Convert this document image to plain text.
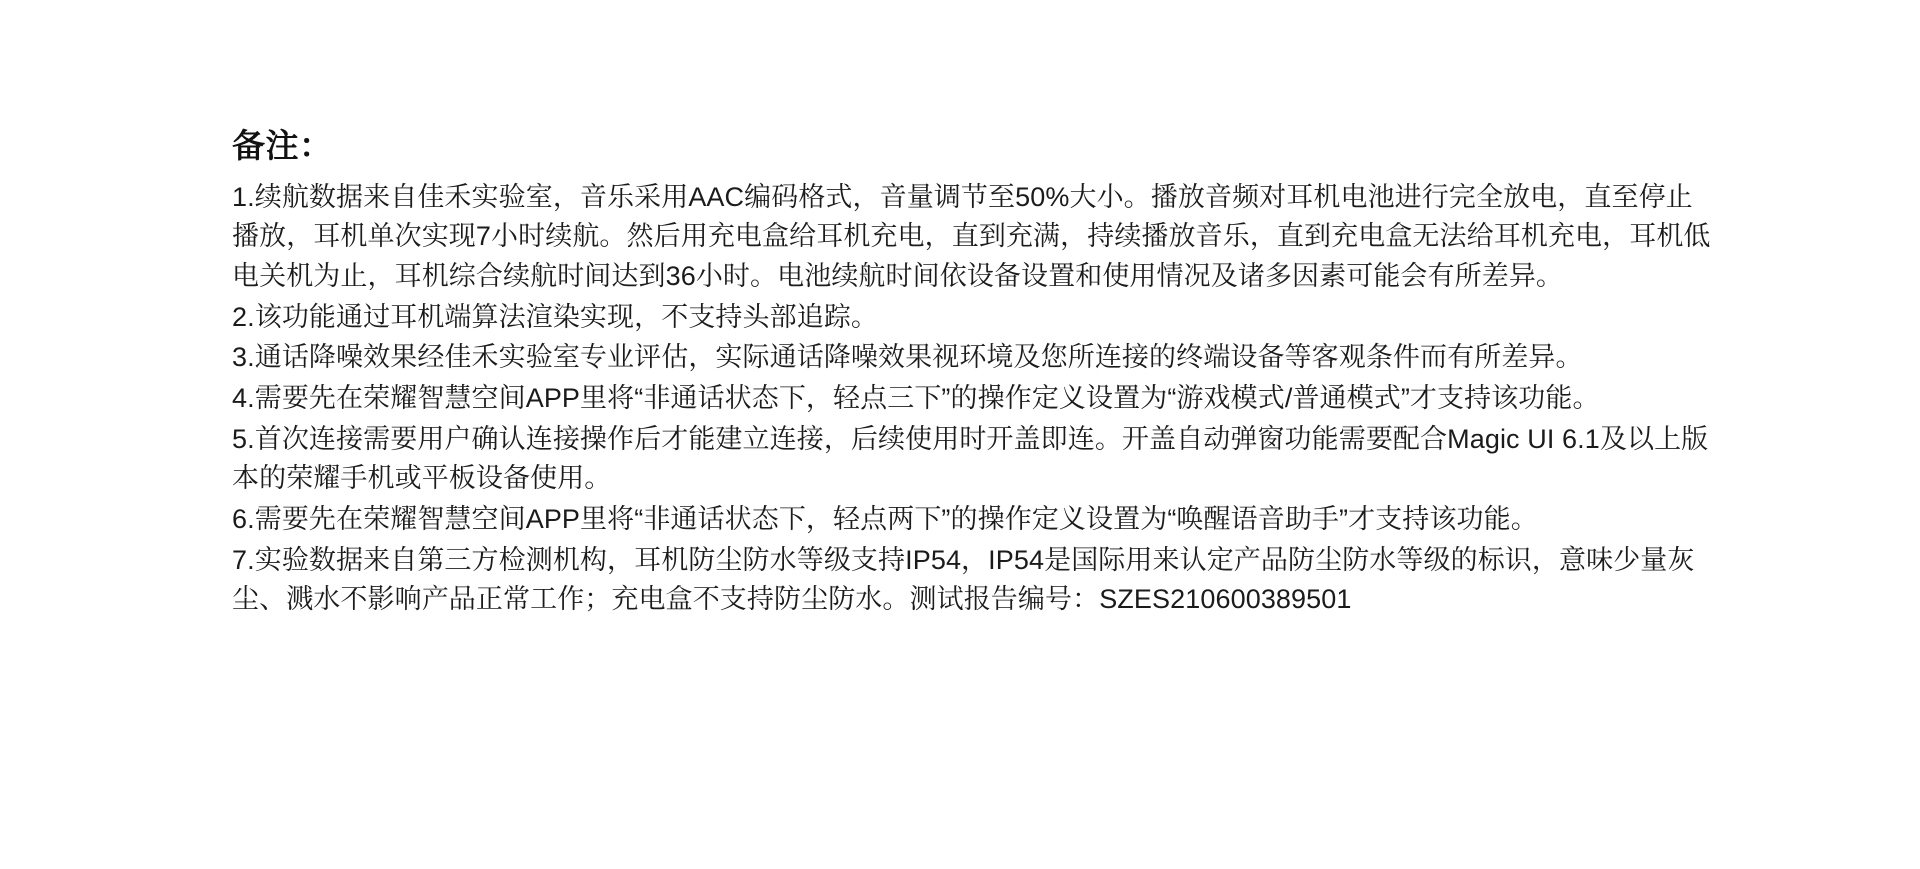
备注：
1.续航数据来自佳禾实验室，音乐采用AAC编码格式，音量调节至50%大小。播放音频对耳机电池进行完全放电，直至停止播放，耳机单次实现7小时续航。然后用充电盒给耳机充电，直到充满，持续播放音乐，直到充电盒无法给耳机充电，耳机低电关机为止，耳机综合续航时间达到36小时。电池续航时间依设备设置和使用情况及诸多因素可能会有所差异。
2.该功能通过耳机端算法渲染实现，不支持头部追踪。
3.通话降噪效果经佳禾实验室专业评估，实际通话降噪效果视环境及您所连接的终端设备等客观条件而有所差异。
4.需要先在荣耀智慧空间APP里将“非通话状态下，轻点三下”的操作定义设置为“游戏模式/普通模式”才支持该功能。
5.首次连接需要用户确认连接操作后才能建立连接，后续使用时开盖即连。开盖自动弹窗功能需要配合Magic UI 6.1及以上版本的荣耀手机或平板设备使用。
6.需要先在荣耀智慧空间APP里将“非通话状态下，轻点两下”的操作定义设置为“唤醒语音助手”才支持该功能。
7.实验数据来自第三方检测机构，耳机防尘防水等级支持IP54，IP54是国际用来认定产品防尘防水等级的标识，意味少量灰尘、溅水不影响产品正常工作；充电盒不支持防尘防水。测试报告编号：SZES210600389501
